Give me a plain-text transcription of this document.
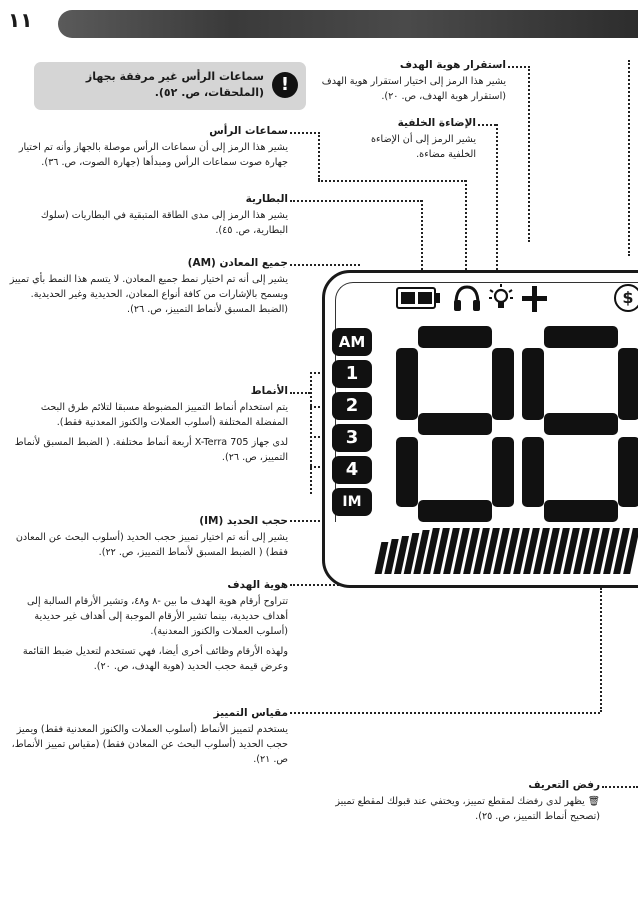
١١
!
سماعات الرأس غير مرفقة بجهاز (الملحقات، ص. ٥٢).
استقرار هوية الهدف

يشير هذا الرمز إلى اختيار استقرار هوية الهدف (استقرار هوية الهدف، ص. ٢٠).

الإضاءة الخلفية

يشير الرمز إلى أن الإضاءة الخلفية مضاءة.

سماعات الرأس

يشير هذا الرمز إلى أن سماعات الرأس موصلة بالجهاز وأنه تم اختيار جهارة صوت سماعات الرأس ومبدأها (جهارة الصوت، ص. ٣٦).

البطارية

يشير هذا الرمز إلى مدى الطاقة المتبقية في البطاريات (سلوك البطارية، ص. ٤٥).

جميع المعادن (AM)

يشير إلى أنه تم اختيار نمط جميع المعادن. لا يتسم هذا النمط بأي تمييز ويسمح بالإشارات من كافة أنواع المعادن، الحديدية وغير الحديدية. (الضبط المسبق لأنماط التمييز، ص. ٢٦).

الأنماط

يتم استخدام أنماط التمييز المضبوطة مسبقا لتلائم طرق البحث المفضلة المختلفة (أسلوب العملات والكنوز المعدنية فقط).

لدى جهاز X-Terra 705 أربعة أنماط مختلفة. ( الضبط المسبق لأنماط التمييز، ص. ٢٦).

حجب الحديد (IM)

يشير إلى أنه تم اختيار تمييز حجب الحديد (أسلوب البحث عن المعادن فقط) ( الضبط المسبق لأنماط التمييز، ص. ٢٢).

هوية الهدف

تتراوح أرقام هوية الهدف ما بين -٨ و٤٨، وتشير الأرقام السالبة إلى أهداف حديدية، بينما تشير الأرقام الموجبة إلى أهداف غير حديدية (أسلوب العملات والكنوز المعدنية).

ولهذه الأرقام وظائف أخرى أيضا، فهي تستخدم لتعديل ضبط القائمة وعرض قيمة حجب الحديد (هوية الهدف، ص. ٢٠).

مقياس التمييز

يستخدم لتمييز الأنماط (أسلوب العملات والكنوز المعدنية فقط) ويميز حجب الحديد (أسلوب البحث عن المعادن فقط) (مقياس تمييز الأنماط، ص. ٢١).

رفض التعريف

🗑 يظهر لدى رفضك لمقطع تمييز، ويختفي عند قبولك لمقطع تمييز (تصحيح أنماط التمييز، ص. ٢٥).

$
AM
1
2
3
4
IM
